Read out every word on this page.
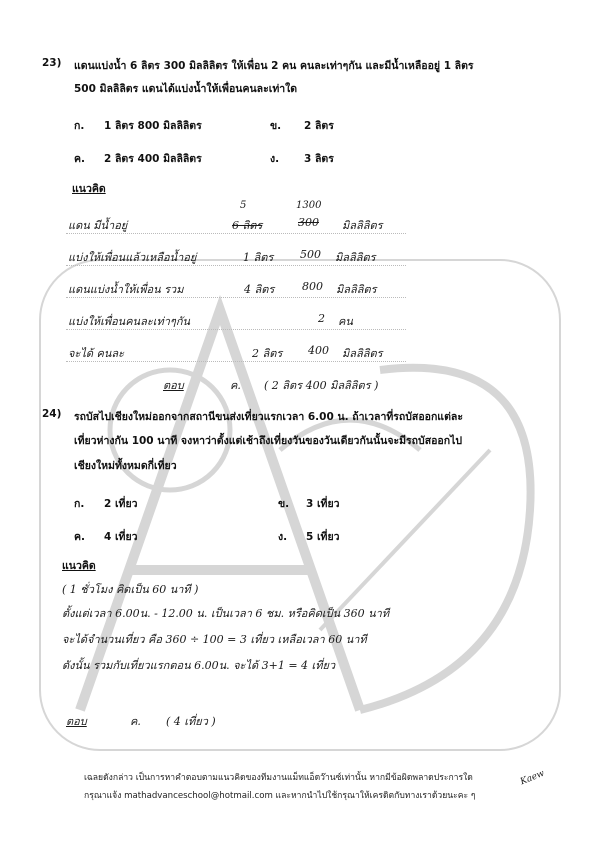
23) แดนแบ่งน้ำ 6 ลิตร 300 มิลลิลิตร ให้เพื่อน 2 คน คนละเท่าๆกัน และมีน้ำเหลืออยู่ 1 ลิตร
500 มิลลิลิตร แดนได้แบ่งน้ำให้เพื่อนคนละเท่าใด
ก. 1 ลิตร 800 มิลลิลิตร	ข. 2 ลิตร
ค. 2 ลิตร 400 มิลลิลิตร	ง. 3 ลิตร
แนวคิด
5	1300
แดน มีน้ำอยู่	6 ลิตร	300 มิลลิลิตร
แบ่งให้เพื่อนแล้วเหลือน้ำอยู่	1 ลิตร 500 มิลลิลิตร
แดนแบ่งน้ำให้เพื่อน รวม	4 ลิตร	800 มิลลิลิตร
แบ่งให้เพื่อนคนละเท่าๆกัน	2 คน
จะได้ คนละ	2 ลิตร 400 มิลลิลิตร
ตอบ	ค. ( 2 ลิตร 400 มิลลิลิตร )
24) รถบัสไปเชียงใหม่ออกจากสถานีขนส่งเที่ยวแรกเวลา 6.00 น. ถ้าเวลาที่รถบัสออกแต่ละ
เที่ยวห่างกัน 100 นาที จงหาว่าตั้งแต่เช้าถึงเที่ยงวันของวันเดียวกันนั้นจะมีรถบัสออกไป
เชียงใหม่ทั้งหมดกี่เที่ยว
ก. 2 เที่ยว	ข. 3 เที่ยว
ค. 4 เที่ยว	ง. 5 เที่ยว
แนวคิด
( 1 ชั่วโมง คิดเป็น 60 นาที )
ตั้งแต่เวลา 6.00น. - 12.00 น. เป็นเวลา 6 ชม. หรือคิดเป็น 360 นาที
จะได้จำนวนเที่ยว คือ 360 ÷ 100 = 3 เที่ยว เหลือเวลา 60 นาที
ดังนั้น รวมกับเที่ยวแรกตอน 6.00น. จะได้ 3+1 = 4 เที่ยว
ตอบ	ค. ( 4 เที่ยว )
เฉลยดังกล่าว เป็นการหาคำตอบตามแนวคิดของทีมงานแม็ทแอ็ดว๊านซ์เท่านั้น หากมีข้อผิดพลาดประการใด
กรุณาแจ้ง mathadvanceschool@hotmail.com และหากนำไปใช้กรุณาให้เครดิตกับทางเราด้วยนะคะ ๆ
Kaew
